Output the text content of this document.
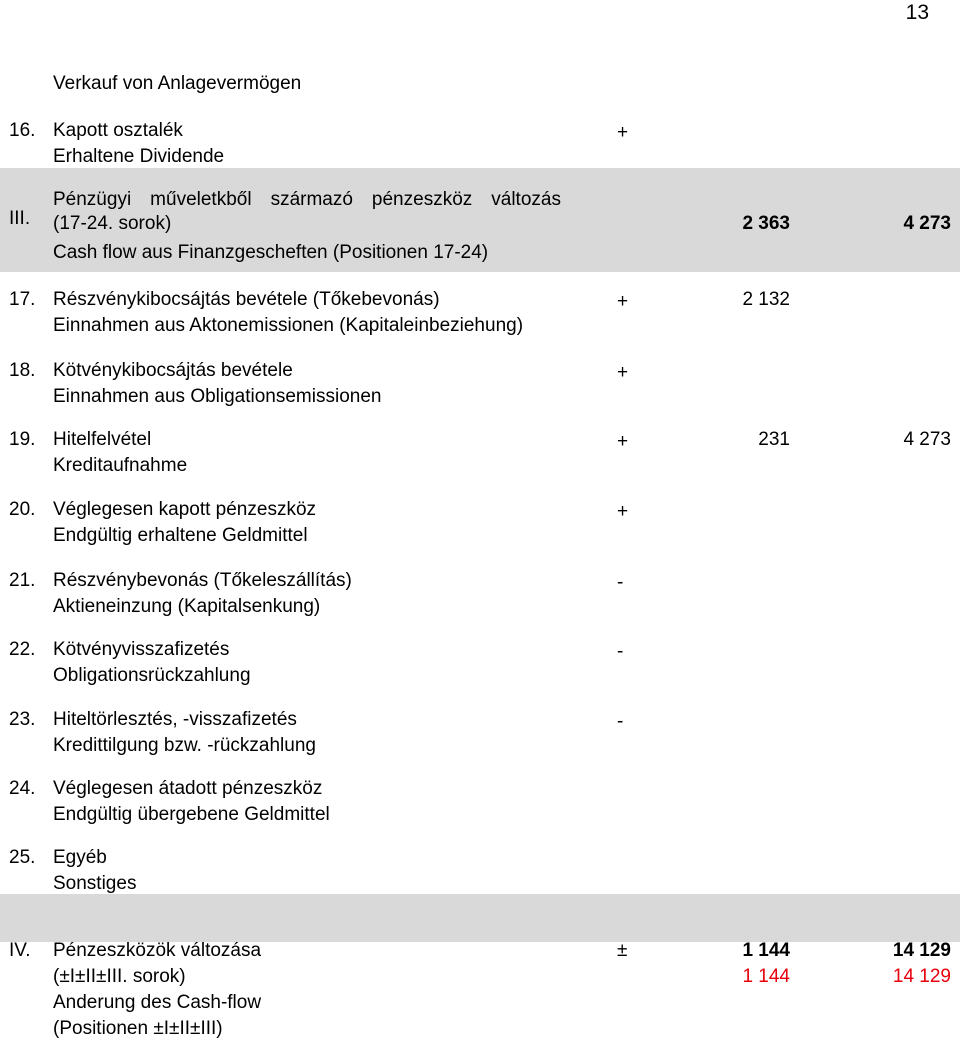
13
Verkauf von Anlagevermögen
16. Kapott osztalék
Erhaltene Dividende
+
III.
Pénzügyi műveletkből származó pénzeszköz változás
(17-24. sorok)
Cash flow aus Finanzgescheften (Positionen 17-24)
2 363	4 273
17. Részvénykibocsájtás bevétele (Tőkebevonás)
Einnahmen aus Aktonemissionen (Kapitaleinbeziehung)
+	2 132
18. Kötvénykibocsájtás bevétele
Einnahmen aus Obligationsemissionen
+
19. Hitelfelvétel
Kreditaufnahme
+	231	4 273
20. Véglegesen kapott pénzeszköz
Endgültig erhaltene Geldmittel
+
21. Részvénybevonás (Tőkeleszállítás)
Aktieneinzung (Kapitalsenkung)
-
22. Kötvényvisszafizetés
Obligationsrückzahlung
-
23. Hiteltörlesztés, -visszafizetés
Kredittilgung bzw. -rückzahlung
-
24. Véglegesen átadott pénzeszköz
Endgültig übergebene Geldmittel
25. Egyéb
Sonstiges
IV. Pénzeszközök változása
(±I±II±III. sorok)
Anderung des Cash-flow
(Positionen ±I±II±III)
±	1 144	14 129
1 144	14 129
